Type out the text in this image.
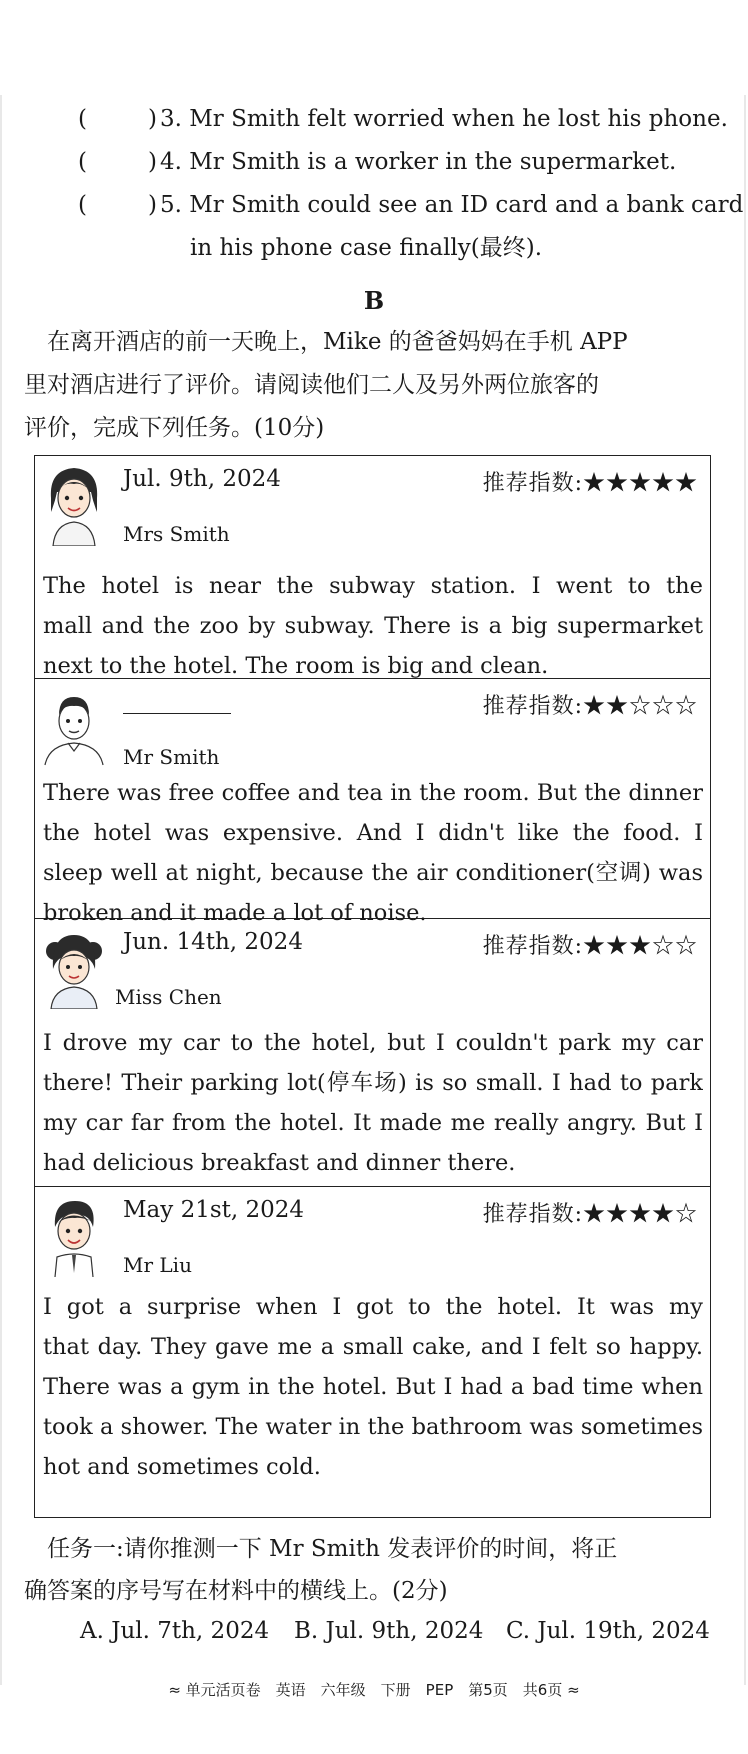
(	) 3. Mr Smith felt worried when he lost his phone.
(	) 4. Mr Smith is a worker in the supermarket.
(	) 5. Mr Smith could see an ID card and a bank card
in his phone case finally(最终).
B
　在离开酒店的前一天晚上，Mike 的爸爸妈妈在手机 APP
里对酒店进行了评价。请阅读他们二人及另外两位旅客的
评价，完成下列任务。(10分)
Jul. 9th, 2024	推荐指数:★★★★★
Mrs Smith
The hotel is near the subway station. I went to the
mall and the zoo by subway. There is a big supermarket
next to the hotel. The room is big and clean.
推荐指数:★★☆☆☆
Mr Smith
There was free coffee and tea in the room. But the dinner
the hotel was expensive. And I didn't like the food. I
sleep well at night, because the air conditioner(空调) was
broken and it made a lot of noise.
Jun. 14th, 2024	推荐指数:★★★☆☆
Miss Chen
I drove my car to the hotel, but I couldn't park my car
there! Their parking lot(停车场) is so small. I had to park
my car far from the hotel. It made me really angry. But I
had delicious breakfast and dinner there.
May 21st, 2024	推荐指数:★★★★☆
Mr Liu
I got a surprise when I got to the hotel. It was my
that day. They gave me a small cake, and I felt so happy.
There was a gym in the hotel. But I had a bad time when
took a shower. The water in the bathroom was sometimes
hot and sometimes cold.
　任务一:请你推测一下 Mr Smith 发表评价的时间，将正
确答案的序号写在材料中的横线上。(2分)
A. Jul. 7th, 2024 B. Jul. 9th, 2024 C. Jul. 19th, 2024
≈ 单元活页卷　英语　六年级　下册　PEP　第5页　共6页 ≈
